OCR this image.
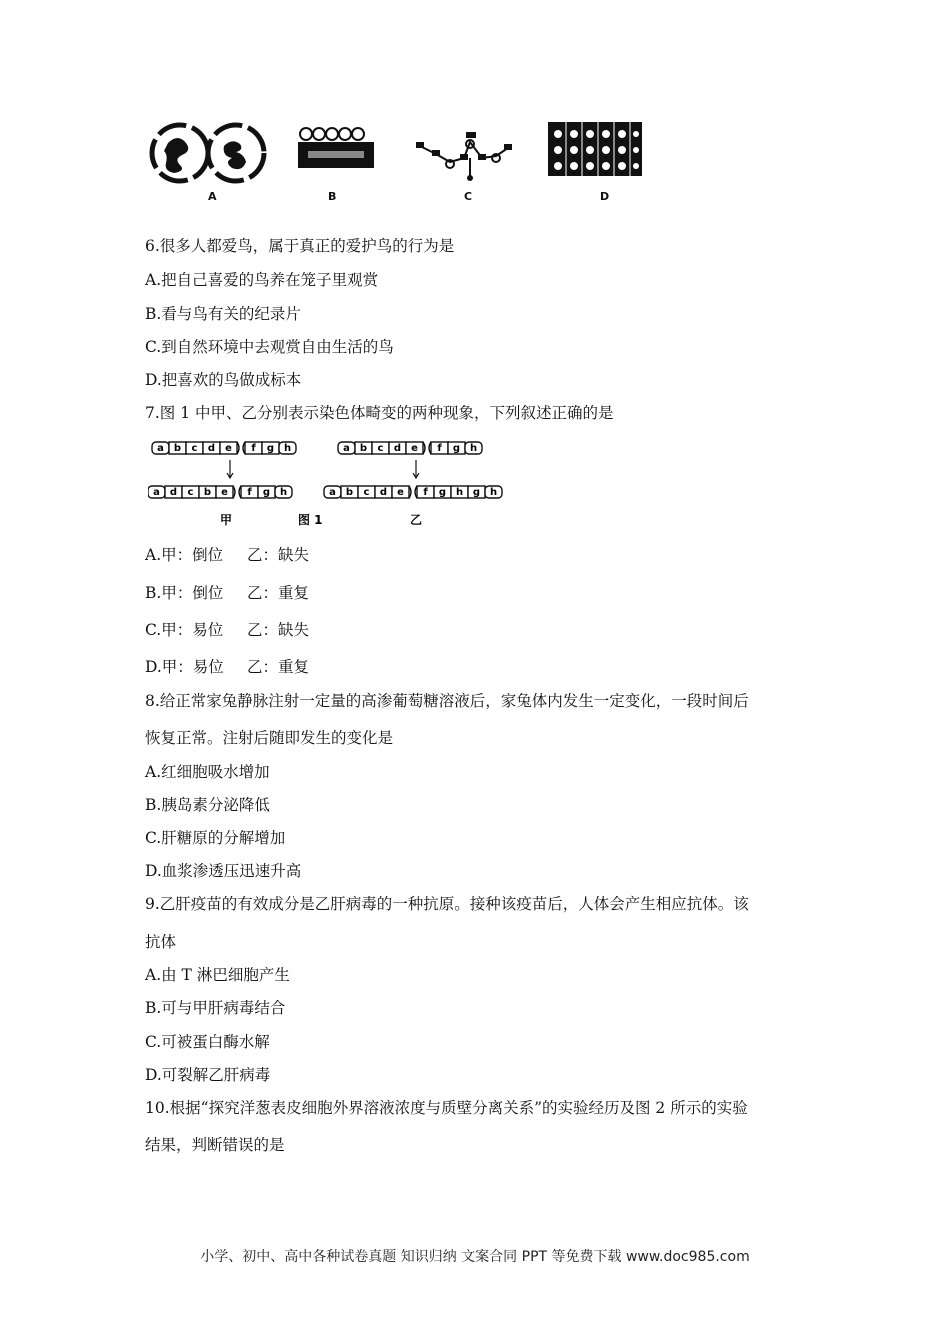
A	B	C	D
6.很多人都爱鸟，属于真正的爱护鸟的行为是
A.把自己喜爱的鸟养在笼子里观赏
B.看与鸟有关的纪录片
C.到自然环境中去观赏自由生活的鸟
D.把喜欢的鸟做成标本
7.图 1 中甲、乙分别表示染色体畸变的两种现象，下列叙述正确的是
a b c d e f g h
a d c b e f g h
a b c d e f g h
a b c d e f g h g h
甲	图 1	乙
A.甲：倒位 乙：缺失
B.甲：倒位 乙：重复
C.甲：易位 乙：缺失
D.甲：易位 乙：重复
8.给正常家兔静脉注射一定量的高渗葡萄糖溶液后，家兔体内发生一定变化，一段时间后
恢复正常。注射后随即发生的变化是
A.红细胞吸水增加
B.胰岛素分泌降低
C.肝糖原的分解增加
D.血浆渗透压迅速升高
9.乙肝疫苗的有效成分是乙肝病毒的一种抗原。接种该疫苗后，人体会产生相应抗体。该
抗体
A.由 T 淋巴细胞产生
B.可与甲肝病毒结合
C.可被蛋白酶水解
D.可裂解乙肝病毒
10.根据“探究洋葱表皮细胞外界溶液浓度与质壁分离关系”的实验经历及图 2 所示的实验
结果，判断错误的是
小学、初中、高中各种试卷真题 知识归纳 文案合同 PPT 等免费下载 www.doc985.com
